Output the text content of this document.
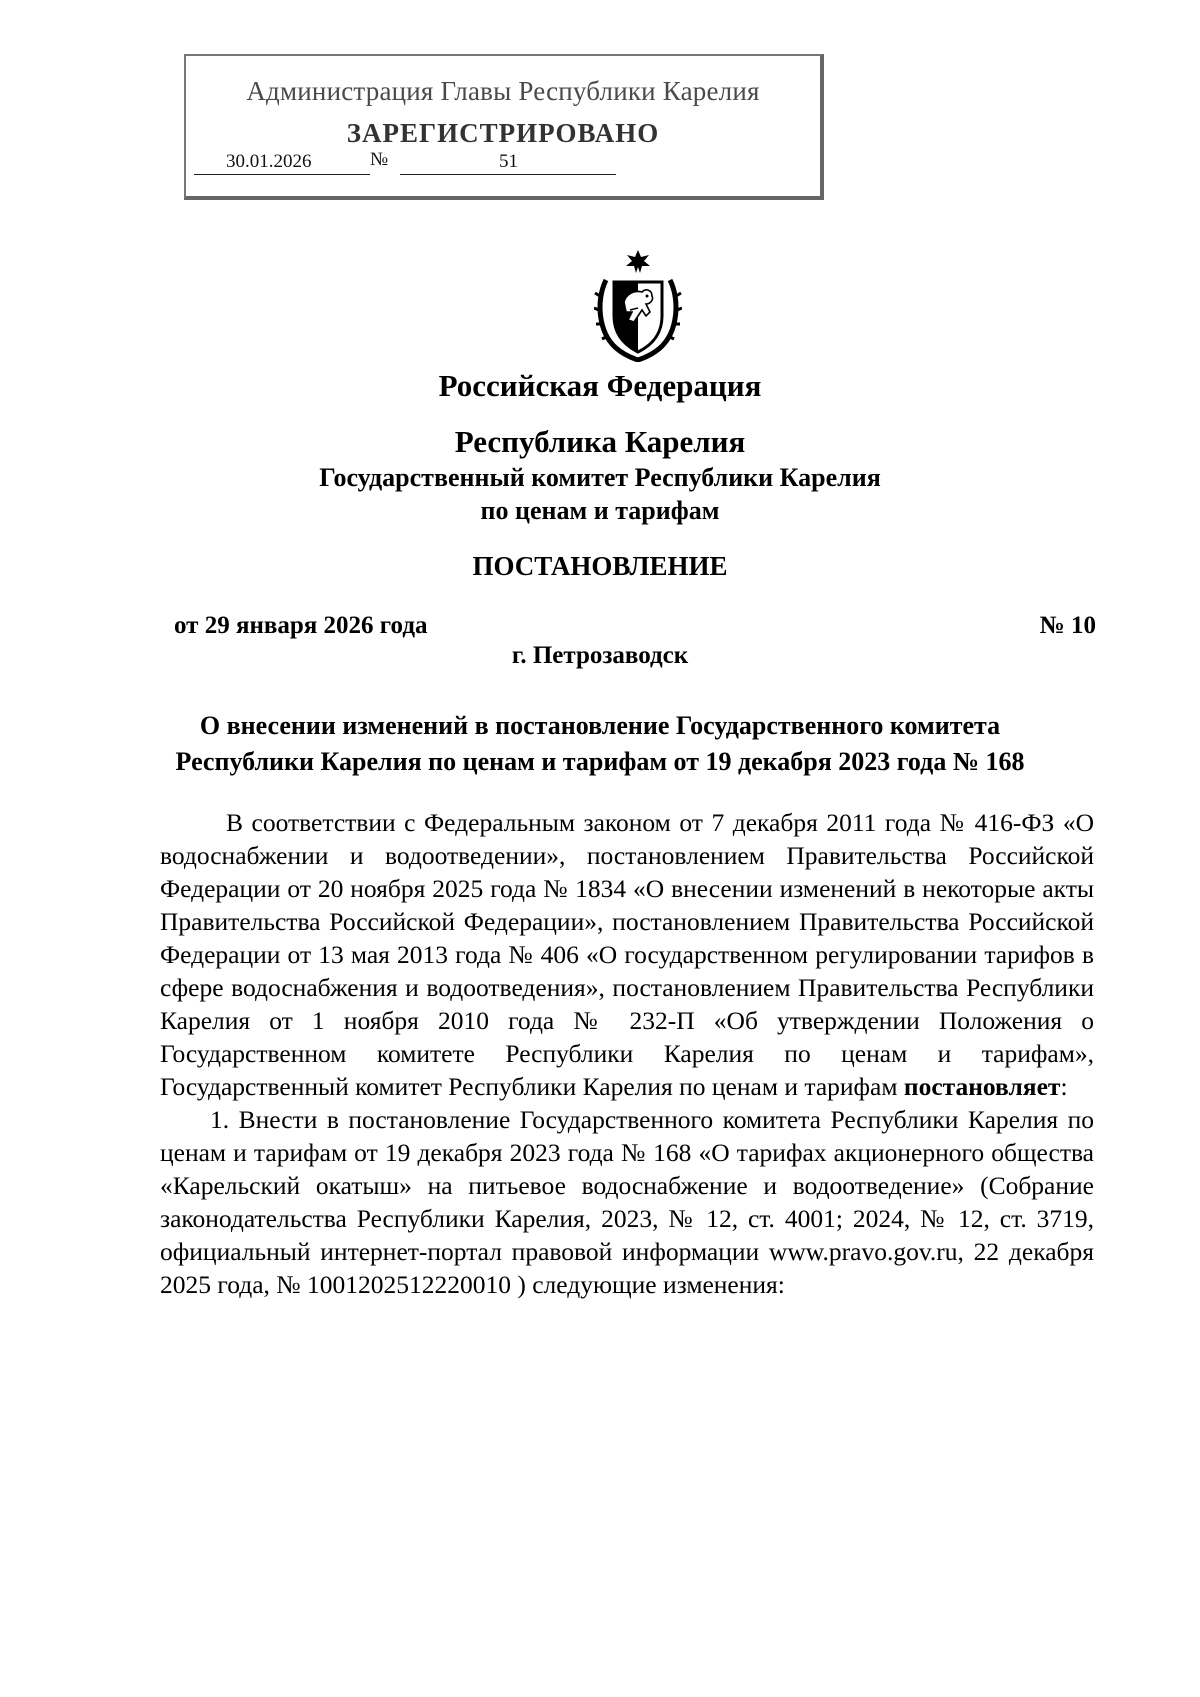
Администрация Главы Республики Карелия
ЗАРЕГИСТРИРОВАНО
30.01.2026	№	51
Российская Федерация
Республика Карелия
Государственный комитет Республики Карелия
по ценам и тарифам
ПОСТАНОВЛЕНИЕ
от 29 января 2026 года	№ 10
г. Петрозаводск
О внесении изменений в постановление Государственного комитета
Республики Карелия по ценам и тарифам от 19 декабря 2023 года № 168

В соответствии с Федеральным законом от 7 декабря 2011 года № 416-ФЗ «О водоснабжении и водоотведении», постановлением Правительства Российской Федерации от 20 ноября 2025 года № 1834 «О внесении изменений в некоторые акты Правительства Российской Федерации», постановлением Правительства Российской Федерации от 13 мая 2013 года № 406 «О государственном регулировании тарифов в сфере водоснабжения и водоотведения», постановлением Правительства Республики Карелия от 1 ноября 2010 года № 232-П «Об утверждении Положения о Государственном комитете Республики Карелия по ценам и тарифам», Государственный комитет Республики Карелия по ценам и тарифам постановляет:

1. Внести в постановление Государственного комитета Республики Карелия по ценам и тарифам от 19 декабря 2023 года № 168 «О тарифах акционерного общества «Карельский окатыш» на питьевое водоснабжение и водоотведение» (Собрание законодательства Республики Карелия, 2023, № 12, ст. 4001; 2024, № 12, ст. 3719, официальный интернет-портал правовой информации www.pravo.gov.ru, 22 декабря 2025 года, № 1001202512220010 ) следующие изменения:
